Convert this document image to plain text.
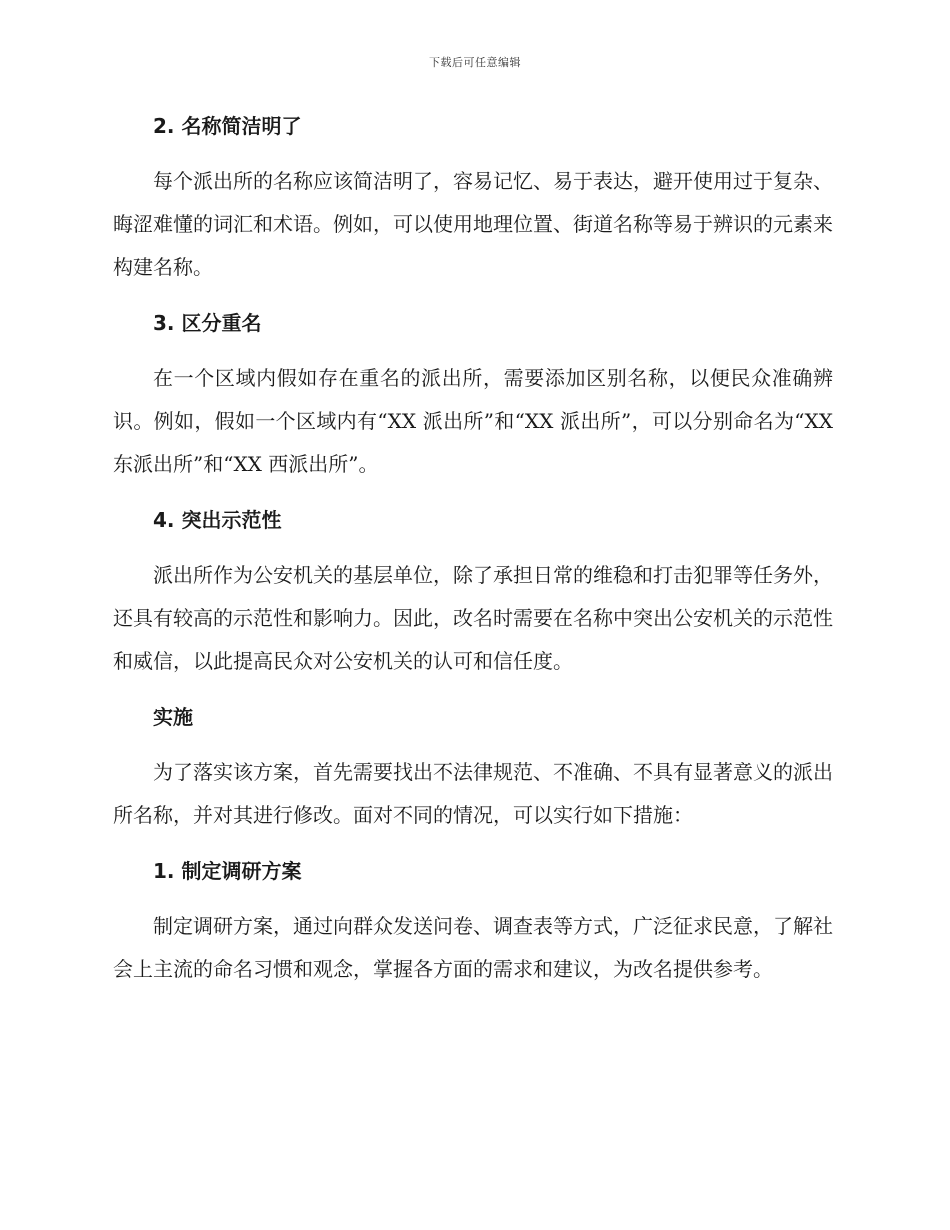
下载后可任意编辑
2. 名称简洁明了

每个派出所的名称应该简洁明了，容易记忆、易于表达，避开使用过于复杂、晦涩难懂的词汇和术语。例如，可以使用地理位置、街道名称等易于辨识的元素来构建名称。

3. 区分重名

在一个区域内假如存在重名的派出所，需要添加区别名称，以便民众准确辨识。例如，假如一个区域内有“XX 派出所”和“XX 派出所”，可以分别命名为“XX 东派出所”和“XX 西派出所”。

4. 突出示范性

派出所作为公安机关的基层单位，除了承担日常的维稳和打击犯罪等任务外，还具有较高的示范性和影响力。因此，改名时需要在名称中突出公安机关的示范性和威信，以此提高民众对公安机关的认可和信任度。

实施

为了落实该方案，首先需要找出不法律规范、不准确、不具有显著意义的派出所名称，并对其进行修改。面对不同的情况，可以实行如下措施：

1. 制定调研方案

制定调研方案，通过向群众发送问卷、调查表等方式，广泛征求民意，了解社会上主流的命名习惯和观念，掌握各方面的需求和建议，为改名提供参考。
